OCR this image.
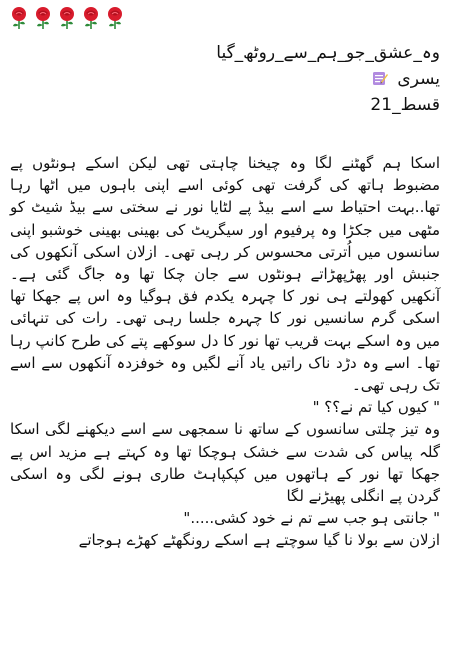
وہ_عشق_جو_ہم_سے_روٹھ_گیا
یسری
قسط_21

اسکا ہم گھٹنے لگا وہ چیخنا چاہتی تھی لیکن اسکے ہونٹوں پے مضبوط ہاتھ کی گرفت تھی کوئی اسے اپنی باہوں میں اٹھا رہا تھا..بہت احتیاط سے اسے بیڈ پے لٹایا نور نے سختی سے بیڈ شیٹ کو مٹھی میں جکڑا وہ پرفیوم اور سیگریٹ کی بھینی بھینی خوشبو اپنی سانسوں میں اُترتی محسوس کر رہی تھی۔ ازلان اسکی آنکھوں کی جنبش اور پھڑپھڑاتے ہونٹوں سے جان چکا تھا وہ جاگ گئی ہے۔ آنکھیں کھولتے ہی نور کا چہرہ یکدم فق ہوگیا وہ اس پے جھکا تھا اسکی گرم سانسیں نور کا چہرہ جلسا رہی تھی۔ رات کی تنہائی میں وہ اسکے بہت قریب تھا نور کا دل سوکھے پتے کی طرح کانپ رہا تھا۔ اسے وہ دڑد ناک راتیں یاد آنے لگیں وہ خوفزدہ آنکھوں سے اسے تک رہی تھی۔

" کیوں کیا تم نے؟؟ "

وہ تیز چلتی سانسوں کے ساتھ نا سمجھی سے اسے دیکھنے لگی اسکا گلہ پیاس کی شدت سے خشک ہوچکا تھا وہ کہتے ہے مزید اس پے جھکا تھا نور کے ہاتھوں میں کپکپاہٹ طاری ہونے لگی وہ اسکی گردن پے انگلی پھیڑنے لگا

" جانتی ہو جب سے تم نے خود کشی....."

ازلان سے بولا نا گیا سوچتے ہے اسکے رونگھٹے کھڑے ہوجاتے
